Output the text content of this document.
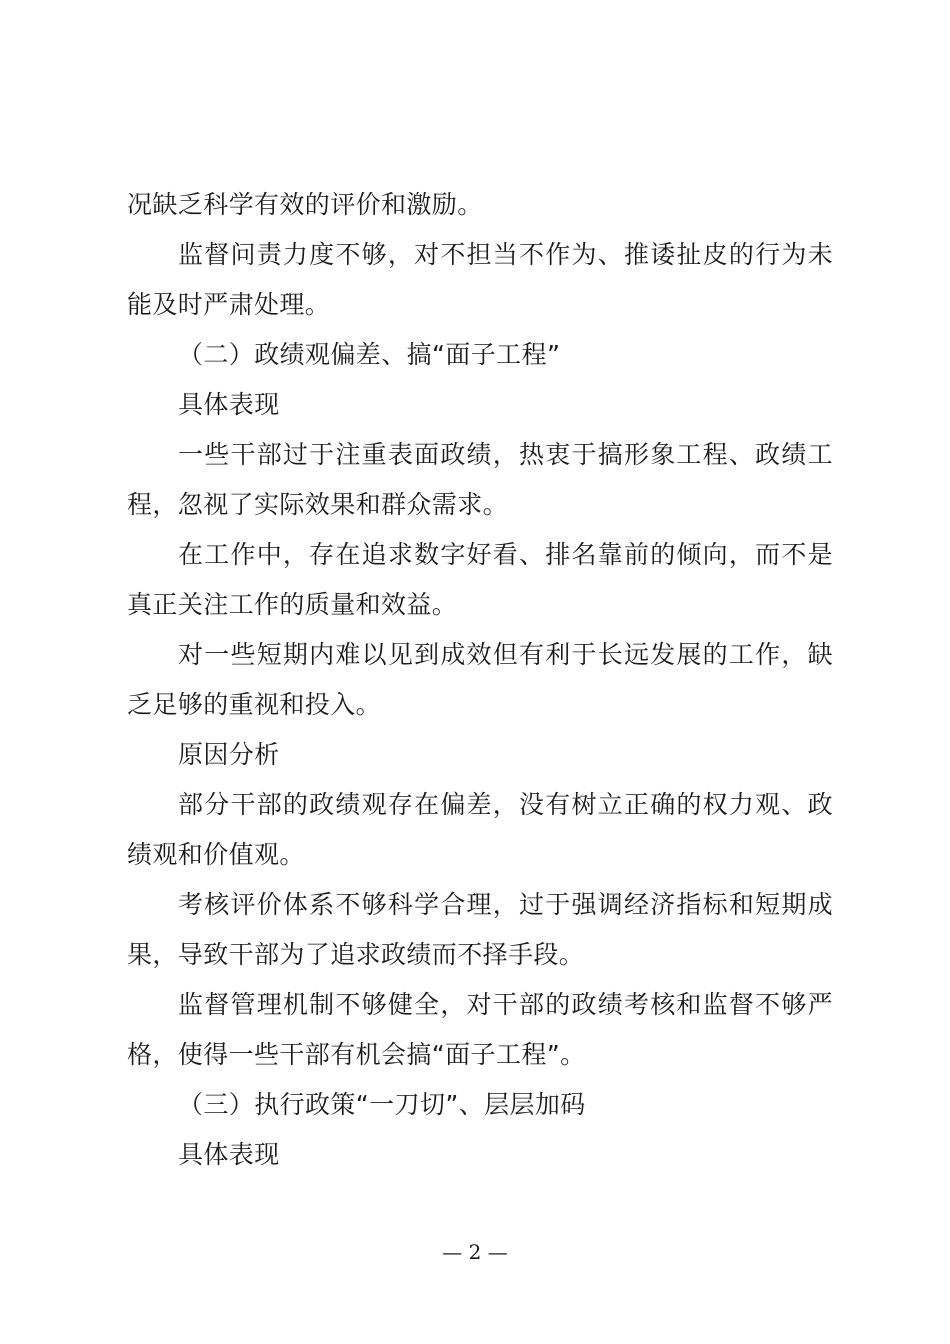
况缺乏科学有效的评价和激励。

监督问责力度不够，对不担当不作为、推诿扯皮的行为未能及时严肃处理。

（二）政绩观偏差、搞“面子工程”

具体表现

一些干部过于注重表面政绩，热衷于搞形象工程、政绩工程，忽视了实际效果和群众需求。

在工作中，存在追求数字好看、排名靠前的倾向，而不是真正关注工作的质量和效益。

对一些短期内难以见到成效但有利于长远发展的工作，缺乏足够的重视和投入。

原因分析

部分干部的政绩观存在偏差，没有树立正确的权力观、政绩观和价值观。

考核评价体系不够科学合理，过于强调经济指标和短期成果，导致干部为了追求政绩而不择手段。

监督管理机制不够健全，对干部的政绩考核和监督不够严格，使得一些干部有机会搞“面子工程”。

（三）执行政策“一刀切”、层层加码

具体表现

— 2 —
